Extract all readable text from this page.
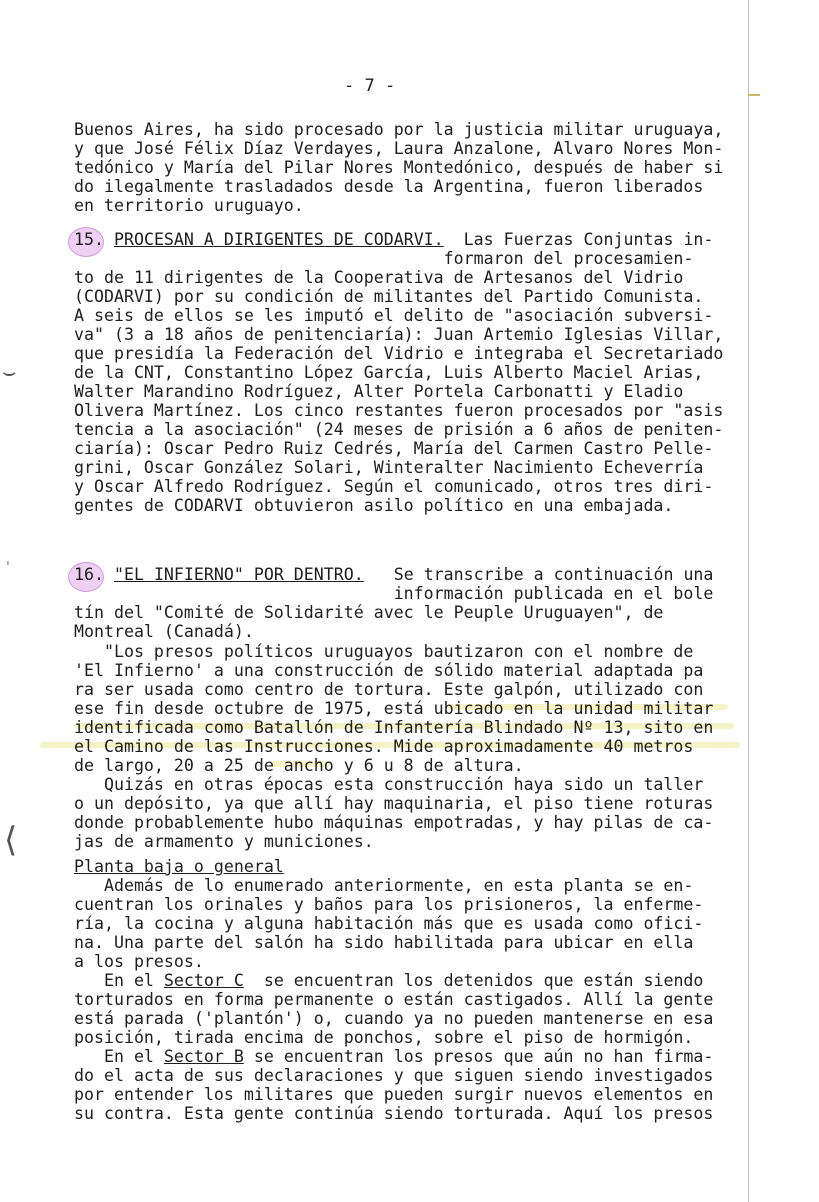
⌣
ˈ
⟨
- 7 -
Buenos Aires, ha sido procesado por la justicia militar uruguaya,
y que José Félix Díaz Verdayes, Laura Anzalone, Alvaro Nores Mon-
tedónico y María del Pilar Nores Montedónico, después de haber si
do ilegalmente trasladados desde la Argentina, fueron liberados
en territorio uruguayo.
15. PROCESAN A DIRIGENTES DE CODARVI.  Las Fuerzas Conjuntas in-
formaron del procesamien-
to de 11 dirigentes de la Cooperativa de Artesanos del Vidrio
(CODARVI) por su condición de militantes del Partido Comunista.
A seis de ellos se les imputó el delito de "asociación subversi-
va" (3 a 18 años de penitenciaría): Juan Artemio Iglesias Villar,
que presidía la Federación del Vidrio e integraba el Secretariado
de la CNT, Constantino López García, Luis Alberto Maciel Arias,
Walter Marandino Rodríguez, Alter Portela Carbonatti y Eladio
Olivera Martínez. Los cinco restantes fueron procesados por "asis
tencia a la asociación" (24 meses de prisión a 6 años de peniten-
ciaría): Oscar Pedro Ruiz Cedrés, María del Carmen Castro Pelle-
grini, Oscar González Solari, Winteralter Nacimiento Echeverría
y Oscar Alfredo Rodríguez. Según el comunicado, otros tres diri-
gentes de CODARVI obtuvieron asilo político en una embajada.
16. "EL INFIERNO" POR DENTRO.   Se transcribe a continuación una
información publicada en el bole
tín del "Comité de Solidarité avec le Peuple Uruguayen", de
Montreal (Canadá).
"Los presos políticos uruguayos bautizaron con el nombre de
'El Infierno' a una construcción de sólido material adaptada pa
ra ser usada como centro de tortura. Este galpón, utilizado con
ese fin desde octubre de 1975, está ubicado en la unidad militar
identificada como Batallón de Infantería Blindado Nº 13, sito en
el Camino de las Instrucciones. Mide aproximadamente 40 metros
de largo, 20 a 25 de ancho y 6 u 8 de altura.
Quizás en otras épocas esta construcción haya sido un taller
o un depósito, ya que allí hay maquinaria, el piso tiene roturas
donde probablemente hubo máquinas empotradas, y hay pilas de ca-
jas de armamento y municiones.
Planta baja o general
Además de lo enumerado anteriormente, en esta planta se en-
cuentran los orinales y baños para los prisioneros, la enferme-
ría, la cocina y alguna habitación más que es usada como ofici-
na. Una parte del salón ha sido habilitada para ubicar en ella
a los presos.
En el Sector C  se encuentran los detenidos que están siendo
torturados en forma permanente o están castigados. Allí la gente
está parada ('plantón') o, cuando ya no pueden mantenerse en esa
posición, tirada encima de ponchos, sobre el piso de hormigón.
En el Sector B se encuentran los presos que aún no han firma-
do el acta de sus declaraciones y que siguen siendo investigados
por entender los militares que pueden surgir nuevos elementos en
su contra. Esta gente continúa siendo torturada. Aquí los presos
